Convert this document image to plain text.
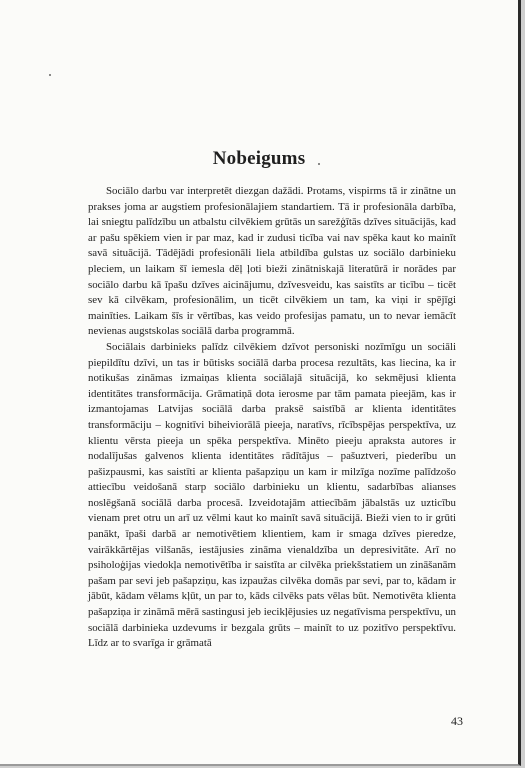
Nobeigums

Sociālo darbu var interpretēt diezgan dažādi. Protams, vispirms tā ir zinātne un prakses joma ar augstiem profesionālajiem standartiem. Tā ir profesionāla darbība, lai sniegtu palīdzību un atbalstu cilvēkiem grūtās un sarežģītās dzīves situācijās, kad ar pašu spēkiem vien ir par maz, kad ir zudusi ticība vai nav spēka kaut ko mainīt savā situācijā. Tādējādi profesionāli liela atbildība gulstas uz sociālo darbinieku pleciem, un laikam šī iemesla dēļ ļoti bieži zinātniskajā literatūrā ir norādes par sociālo darbu kā īpašu dzīves aicinājumu, dzīvesveidu, kas saistīts ar ticību – ticēt sev kā cilvēkam, profesionālim, un ticēt cilvēkiem un tam, ka viņi ir spējīgi mainīties. Laikam šīs ir vērtības, kas veido profesijas pamatu, un to nevar iemācīt nevienas augstskolas sociālā darba programmā.

Sociālais darbinieks palīdz cilvēkiem dzīvot personiski nozīmīgu un sociāli piepildītu dzīvi, un tas ir būtisks sociālā darba procesa rezultāts, kas liecina, ka ir notikušas zināmas izmaiņas klienta sociālajā situācijā, ko sekmējusi klienta identitātes transformācija. Grāmatiņā dota ierosme par tām pamata pieejām, kas ir izmantojamas Latvijas sociālā darba praksē saistībā ar klienta identitātes transformāciju – kognitīvi biheiviorālā pieeja, naratīvs, rīcībspējas perspektīva, uz klientu vērsta pieeja un spēka perspektīva. Minēto pieeju apraksta autores ir nodalījušas galvenos klienta identitātes rādītājus – pašuztveri, piederību un pašizpausmi, kas saistīti ar klienta pašapziņu un kam ir milzīga nozīme palīdzošo attiecību veidošanā starp sociālo darbinieku un klientu, sadarbības alianses noslēgšanā sociālā darba procesā. Izveidotajām attiecībām jābalstās uz uzticību vienam pret otru un arī uz vēlmi kaut ko mainīt savā situācijā. Bieži vien to ir grūti panākt, īpaši darbā ar nemotivētiem klientiem, kam ir smaga dzīves pieredze, vairākkārtējas vilšanās, iestājusies zināma vienaldzība un depresivitāte. Arī no psiholoģijas viedokļa nemotivētība ir saistīta ar cilvēka priekšstatiem un zināšanām pašam par sevi jeb pašapziņu, kas izpaužas cilvēka domās par sevi, par to, kādam ir jābūt, kādam vēlams kļūt, un par to, kāds cilvēks pats vēlas būt. Nemotivēta klienta pašapziņa ir zināmā mērā sastingusi jeb iecikļējusies uz negatīvisma perspektīvu, un sociālā darbinieka uzdevums ir bezgala grūts – mainīt to uz pozitīvo perspektīvu. Līdz ar to svarīga ir grāmatā

43
